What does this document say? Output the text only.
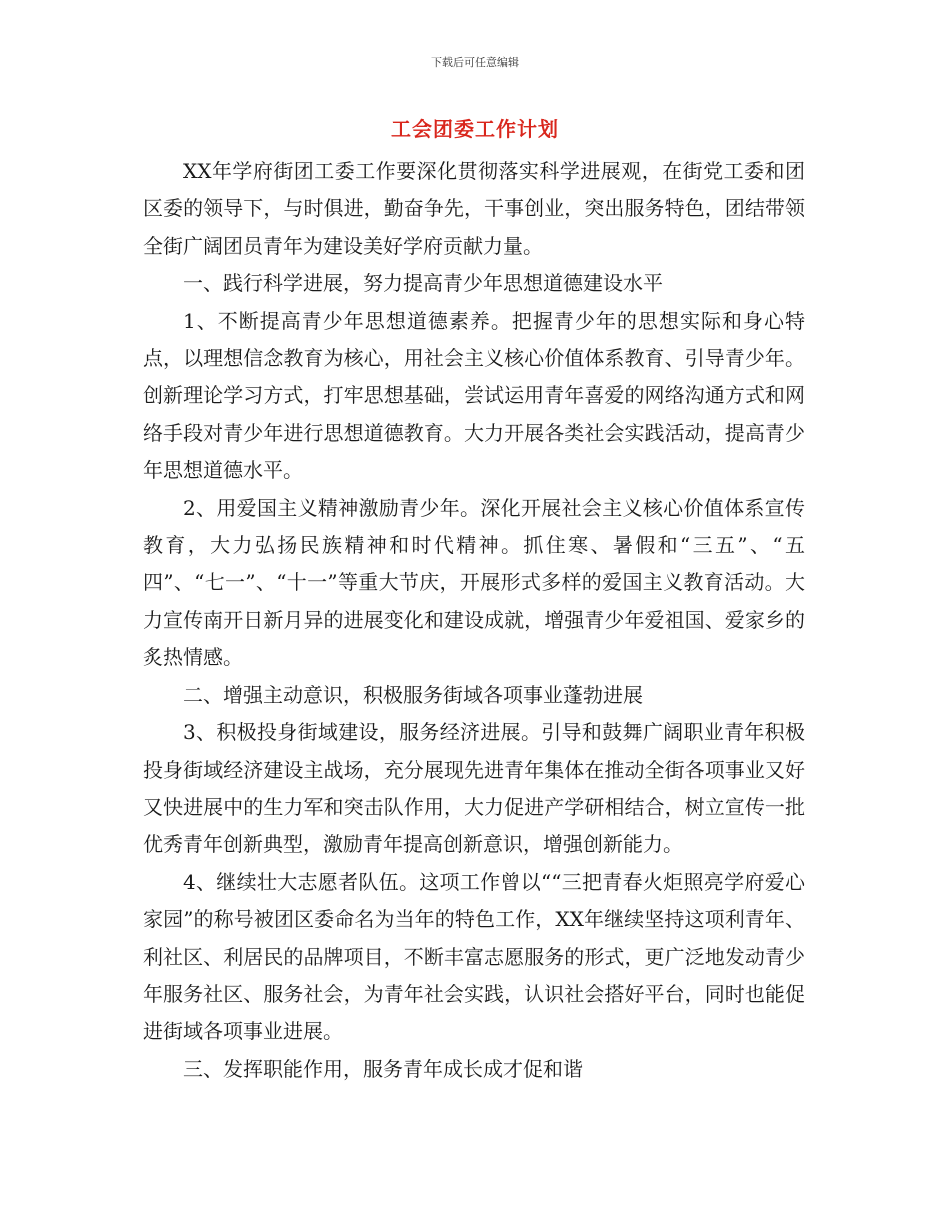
下载后可任意编辑
工会团委工作计划

XX年学府街团工委工作要深化贯彻落实科学进展观，在街党工委和团区委的领导下，与时俱进，勤奋争先，干事创业，突出服务特色，团结带领全街广阔团员青年为建设美好学府贡献力量。

一、践行科学进展，努力提高青少年思想道德建设水平

1、不断提高青少年思想道德素养。把握青少年的思想实际和身心特点，以理想信念教育为核心，用社会主义核心价值体系教育、引导青少年。创新理论学习方式，打牢思想基础，尝试运用青年喜爱的网络沟通方式和网络手段对青少年进行思想道德教育。大力开展各类社会实践活动，提高青少年思想道德水平。

2、用爱国主义精神激励青少年。深化开展社会主义核心价值体系宣传教育，大力弘扬民族精神和时代精神。抓住寒、暑假和“三五”、“五四”、“七一”、“十一”等重大节庆，开展形式多样的爱国主义教育活动。大力宣传南开日新月异的进展变化和建设成就，增强青少年爱祖国、爱家乡的炙热情感。

二、增强主动意识，积极服务街域各项事业蓬勃进展

3、积极投身街域建设，服务经济进展。引导和鼓舞广阔职业青年积极投身街域经济建设主战场，充分展现先进青年集体在推动全街各项事业又好又快进展中的生力军和突击队作用，大力促进产学研相结合，树立宣传一批优秀青年创新典型，激励青年提高创新意识，增强创新能力。

4、继续壮大志愿者队伍。这项工作曾以““三把青春火炬照亮学府爱心家园”的称号被团区委命名为当年的特色工作，XX年继续坚持这项利青年、利社区、利居民的品牌项目，不断丰富志愿服务的形式，更广泛地发动青少年服务社区、服务社会，为青年社会实践，认识社会搭好平台，同时也能促进街域各项事业进展。

三、发挥职能作用，服务青年成长成才促和谐
